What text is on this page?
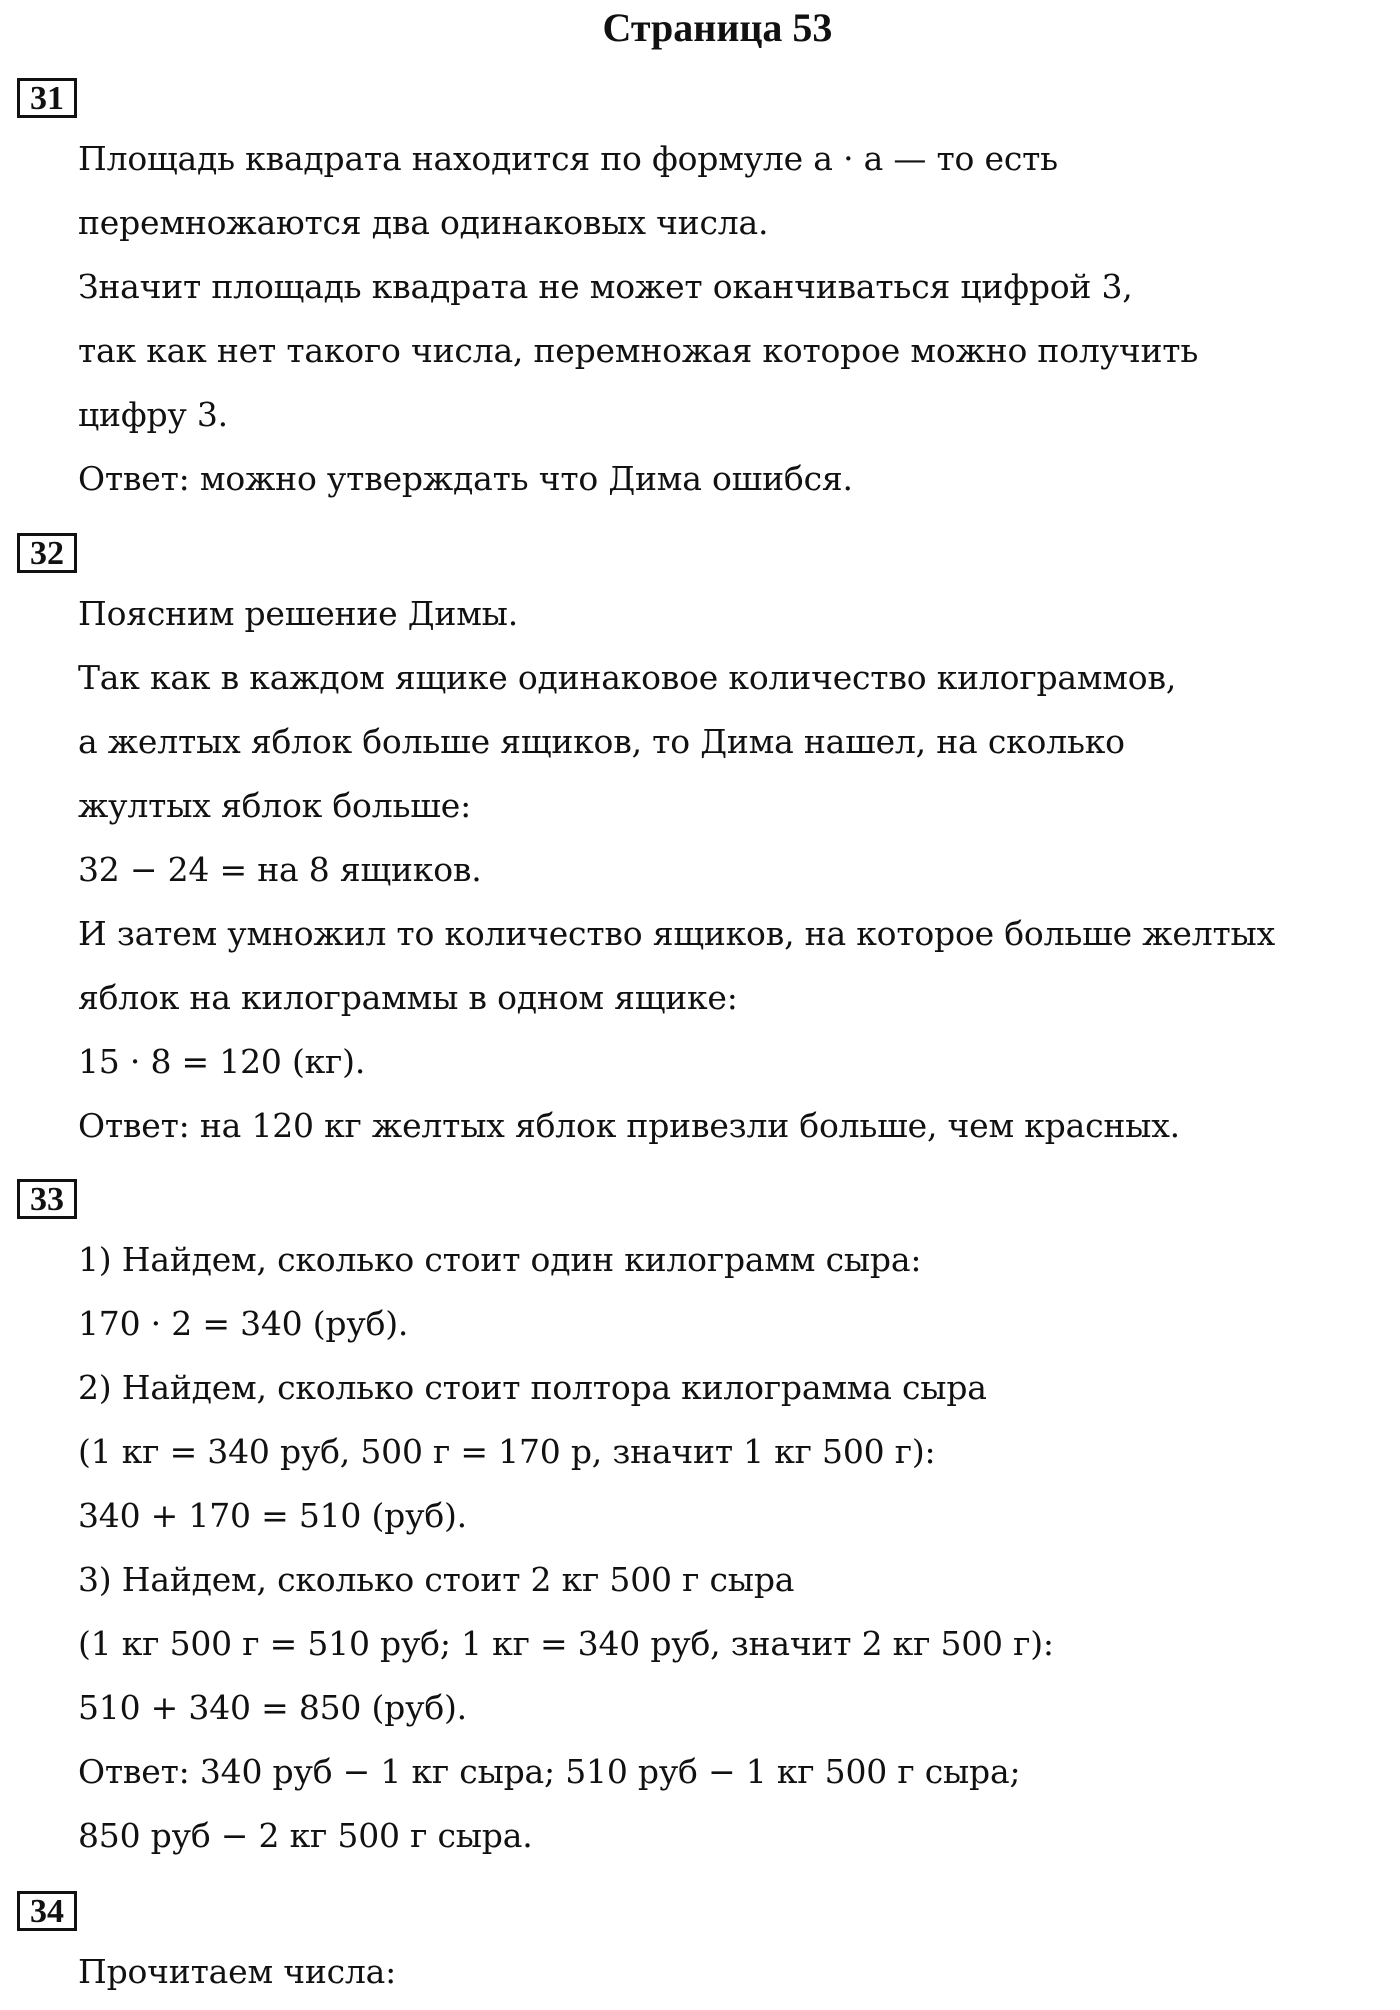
Страница 53
31
Площадь квадрата находится по формуле a · a — то есть
перемножаются два одинаковых числа.
Значит площадь квадрата не может оканчиваться цифрой 3,
так как нет такого числа, перемножая которое можно получить
цифру 3.
Ответ: можно утверждать что Дима ошибся.
32
Поясним решение Димы.
Так как в каждом ящике одинаковое количество килограммов,
а желтых яблок больше ящиков, то Дима нашел, на сколько
жултых яблок больше:
32 − 24 = на 8 ящиков.
И затем умножил то количество ящиков, на которое больше желтых
яблок на килограммы в одном ящике:
15 · 8 = 120 (кг).
Ответ: на 120 кг желтых яблок привезли больше, чем красных.
33
1) Найдем, сколько стоит один килограмм сыра:
170 · 2 = 340 (руб).
2) Найдем, сколько стоит полтора килограмма сыра
(1 кг = 340 руб, 500 г = 170 р, значит 1 кг 500 г):
340 + 170 = 510 (руб).
3) Найдем, сколько стоит 2 кг 500 г сыра
(1 кг 500 г = 510 руб; 1 кг = 340 руб, значит 2 кг 500 г):
510 + 340 = 850 (руб).
Ответ: 340 руб − 1 кг сыра; 510 руб − 1 кг 500 г сыра;
850 руб − 2 кг 500 г сыра.
34
Прочитаем числа:
